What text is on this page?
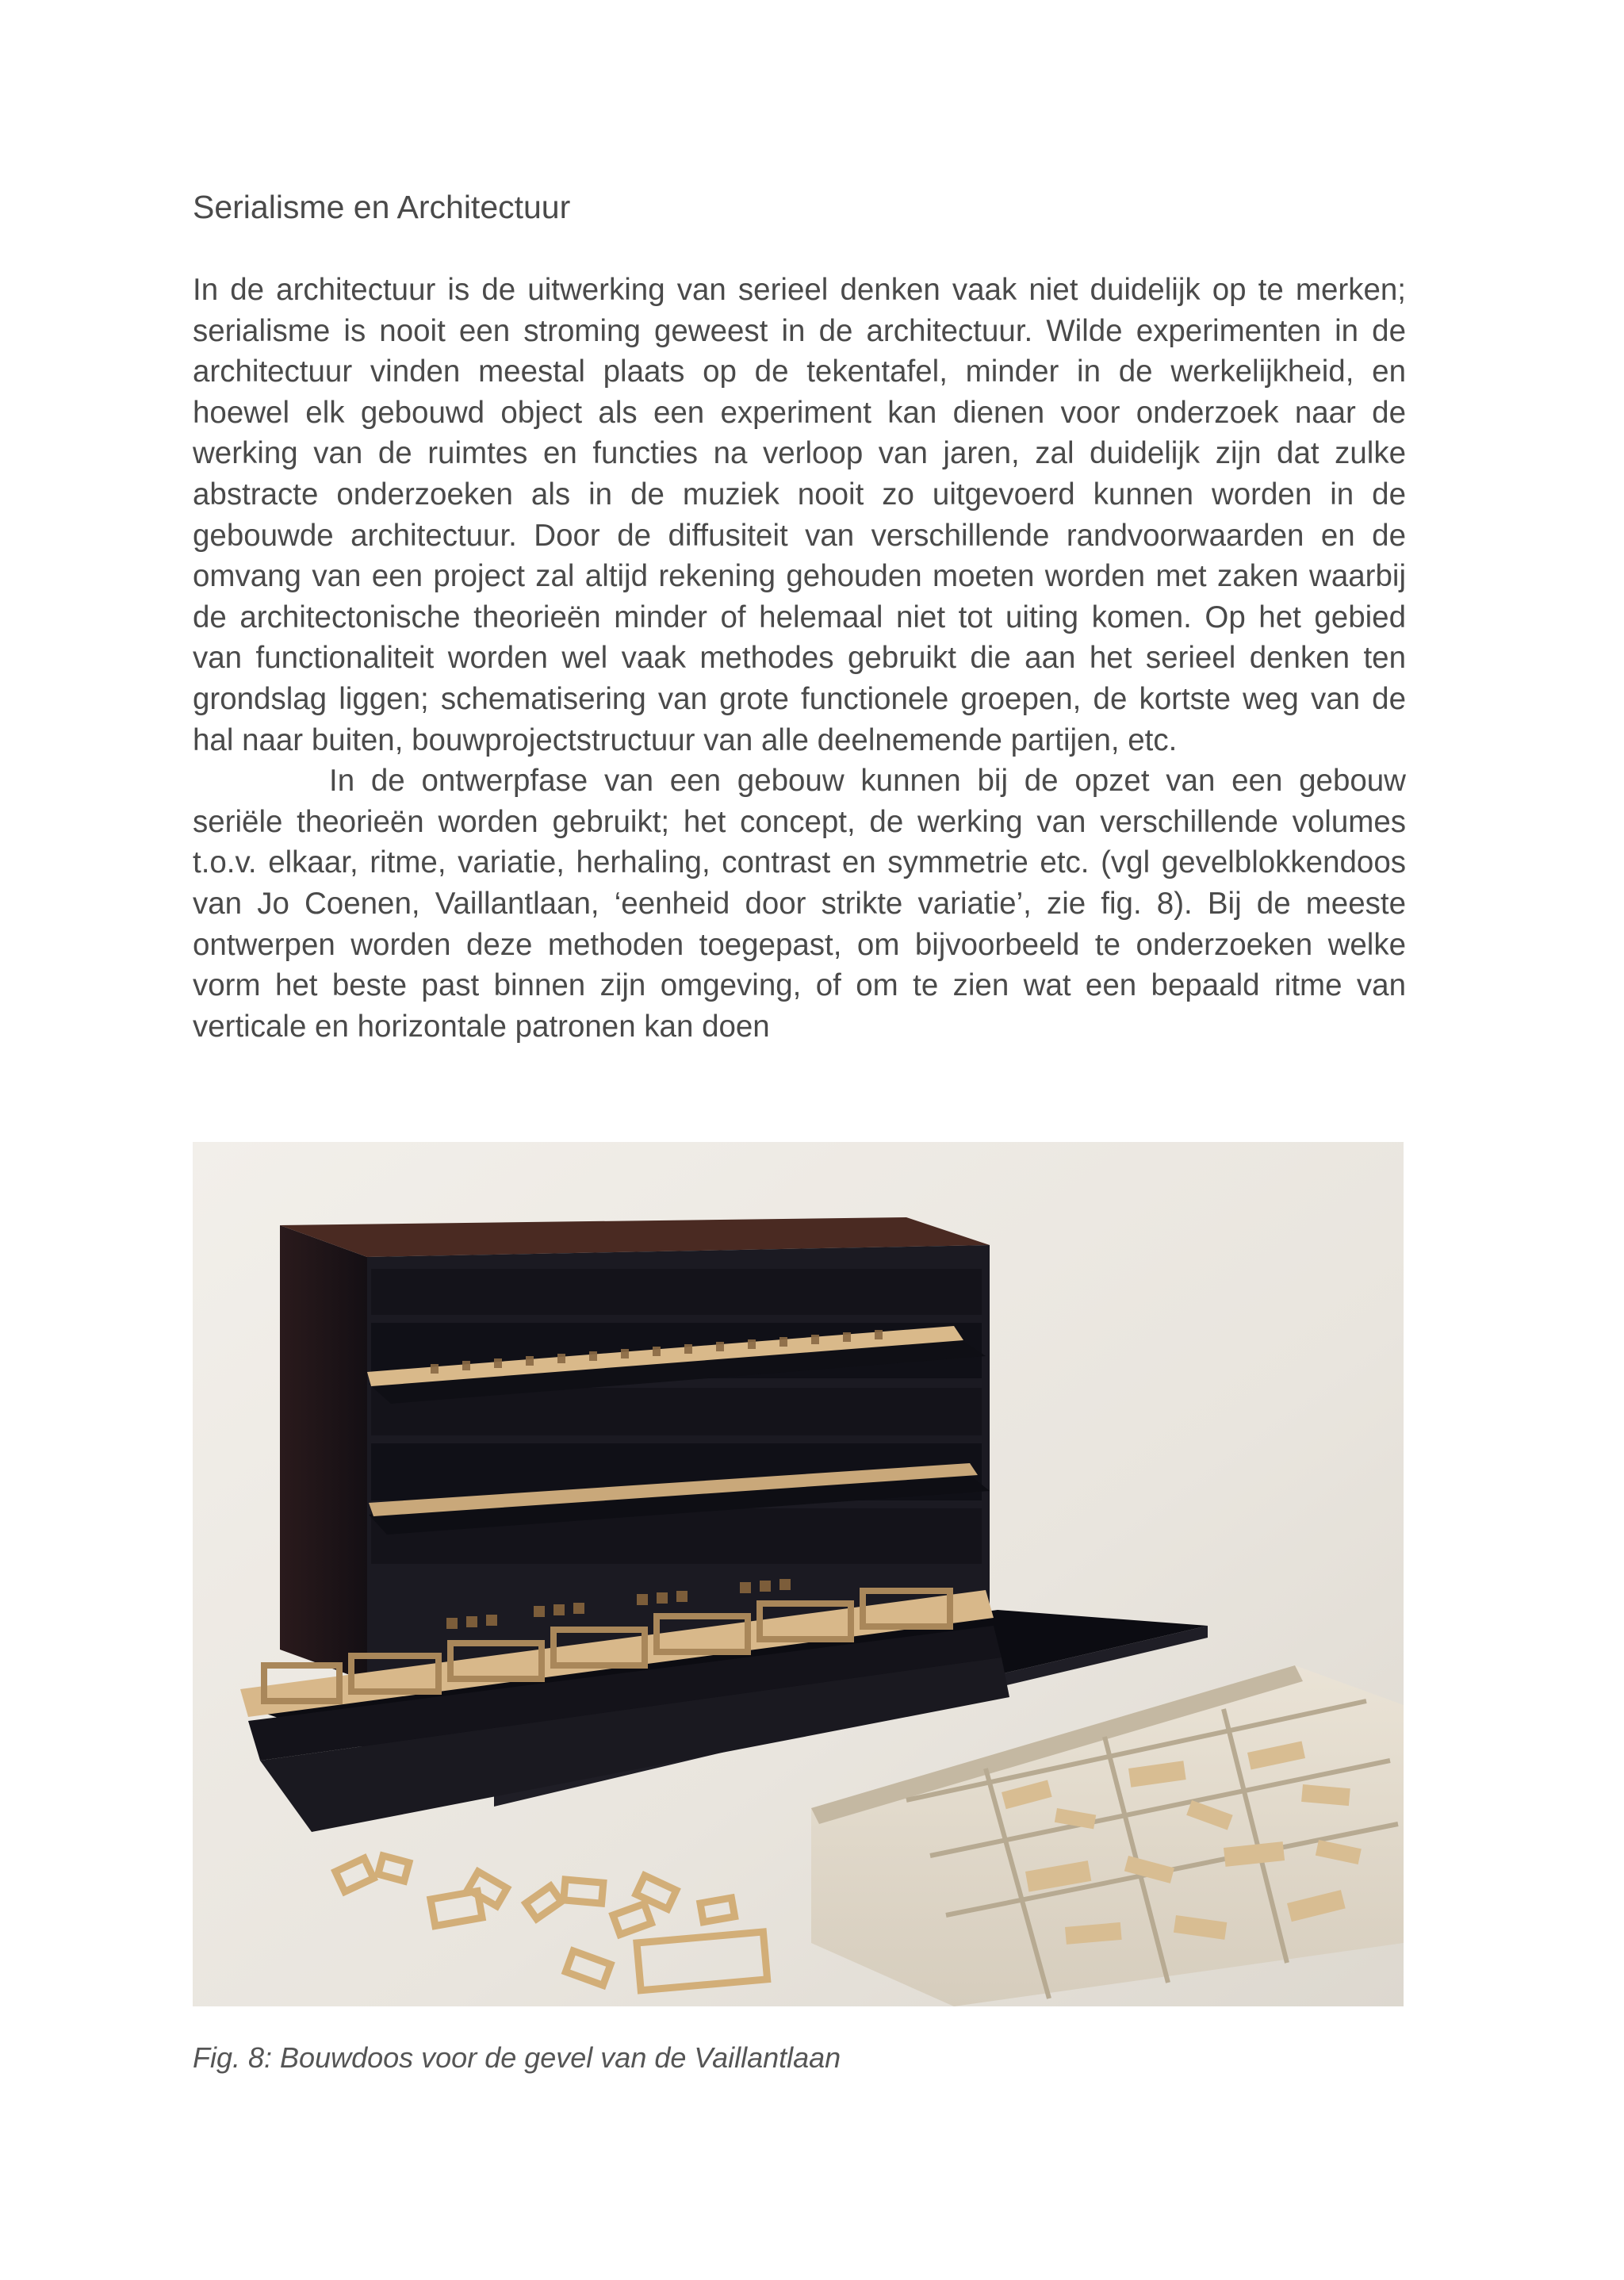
Serialisme en Architectuur

In de architectuur is de uitwerking van serieel denken vaak niet duidelijk op te merken; serialisme is nooit een stroming geweest in de architectuur. Wilde experimenten in de architectuur vinden meestal plaats op de tekentafel, minder in de werkelijkheid, en hoewel elk gebouwd object als een experiment kan dienen voor onderzoek naar de werking van de ruimtes en functies na verloop van jaren, zal duidelijk zijn dat zulke abstracte onderzoeken als in de muziek nooit zo uitgevoerd kunnen worden in de gebouwde architectuur. Door de diffusiteit van verschillende randvoorwaarden en de omvang van een project zal altijd rekening gehouden moeten worden met zaken waarbij de architectonische theorieën minder of helemaal niet tot uiting komen. Op het gebied van functionaliteit worden wel vaak methodes gebruikt die aan het serieel denken ten grondslag liggen; schematisering van grote functionele groepen, de kortste weg van de hal naar buiten, bouwprojectstructuur van alle deelnemende partijen, etc.

In de ontwerpfase van een gebouw kunnen bij de opzet van een gebouw seriële theorieën worden gebruikt; het concept, de werking van verschillende volumes t.o.v. elkaar, ritme, variatie, herhaling, contrast en symmetrie etc. (vgl gevelblokkendoos van Jo Coenen, Vaillantlaan, ‘eenheid door strikte variatie’, zie fig. 8). Bij de meeste ontwerpen worden deze methoden toegepast, om bijvoorbeeld te onderzoeken welke vorm het beste past binnen zijn omgeving, of om te zien wat een bepaald ritme van verticale en horizontale patronen kan doen

Fig. 8: Bouwdoos voor de gevel van de Vaillantlaan
